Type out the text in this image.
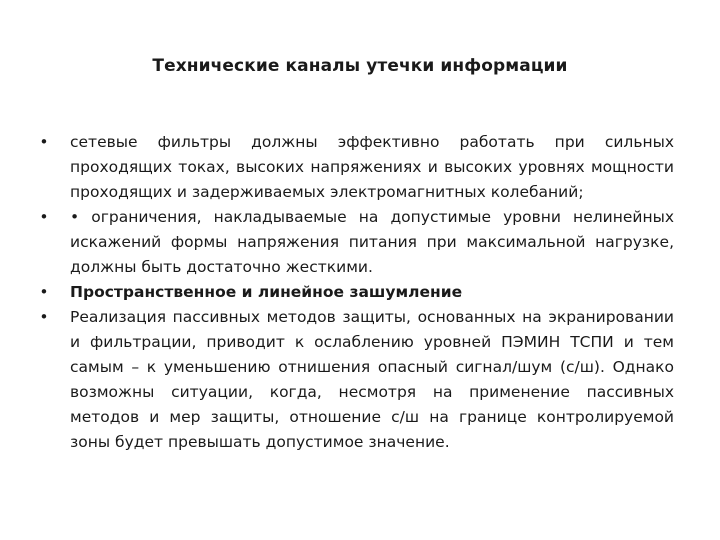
Технические каналы утечки информации
• сетевые фильтры должны эффективно работать при сильных проходящих токах, высоких напряжениях и высоких уровнях мощности проходящих и задерживаемых электромагнитных колебаний;
• • ограничения, накладываемые на допустимые уровни нелинейных искажений формы напряжения питания при максимальной нагрузке, должны быть достаточно жесткими.
• Пространственное и линейное зашумление
• Реализация пассивных методов защиты, основанных на экранировании и фильтрации, приводит к ослаблению уровней ПЭМИН ТСПИ и тем самым – к уменьшению отнишения опасный сигнал/шум (с/ш). Однако возможны ситуации, когда, несмотря на применение пассивных методов и мер защиты, отношение с/ш на границе контролируемой зоны будет превышать допустимое значение.
